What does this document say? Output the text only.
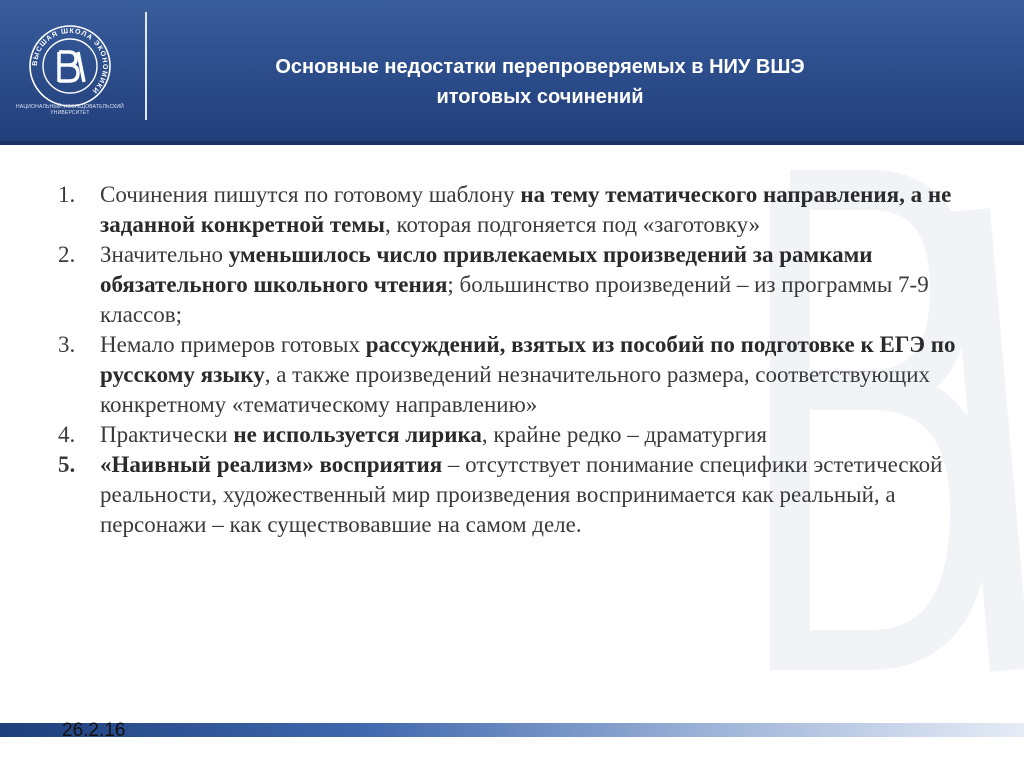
ВЫСШАЯ ШКОЛА ЭКОНОМИКИ
НАЦИОНАЛЬНЫЙ ИССЛЕДОВАТЕЛЬСКИЙ УНИВЕРСИТЕТ
Основные недостатки перепроверяемых в НИУ ВШЭ
итоговых сочинений
1. Сочинения пишутся по готовому шаблону на тему тематического направления, а не заданной конкретной темы, которая подгоняется под «заготовку»
2. Значительно уменьшилось число привлекаемых произведений за рамками обязательного школьного чтения; большинство произведений – из программы 7-9 классов;
3. Немало примеров готовых рассуждений, взятых из пособий по подготовке к ЕГЭ по русскому языку, а также произведений незначительного размера, соответствующих конкретному «тематическому направлению»
4. Практически не используется лирика, крайне редко – драматургия
5. «Наивный реализм» восприятия – отсутствует понимание специфики эстетической реальности, художественный мир произведения воспринимается как реальный, а персонажи – как существовавшие на самом деле.
26.2.16
